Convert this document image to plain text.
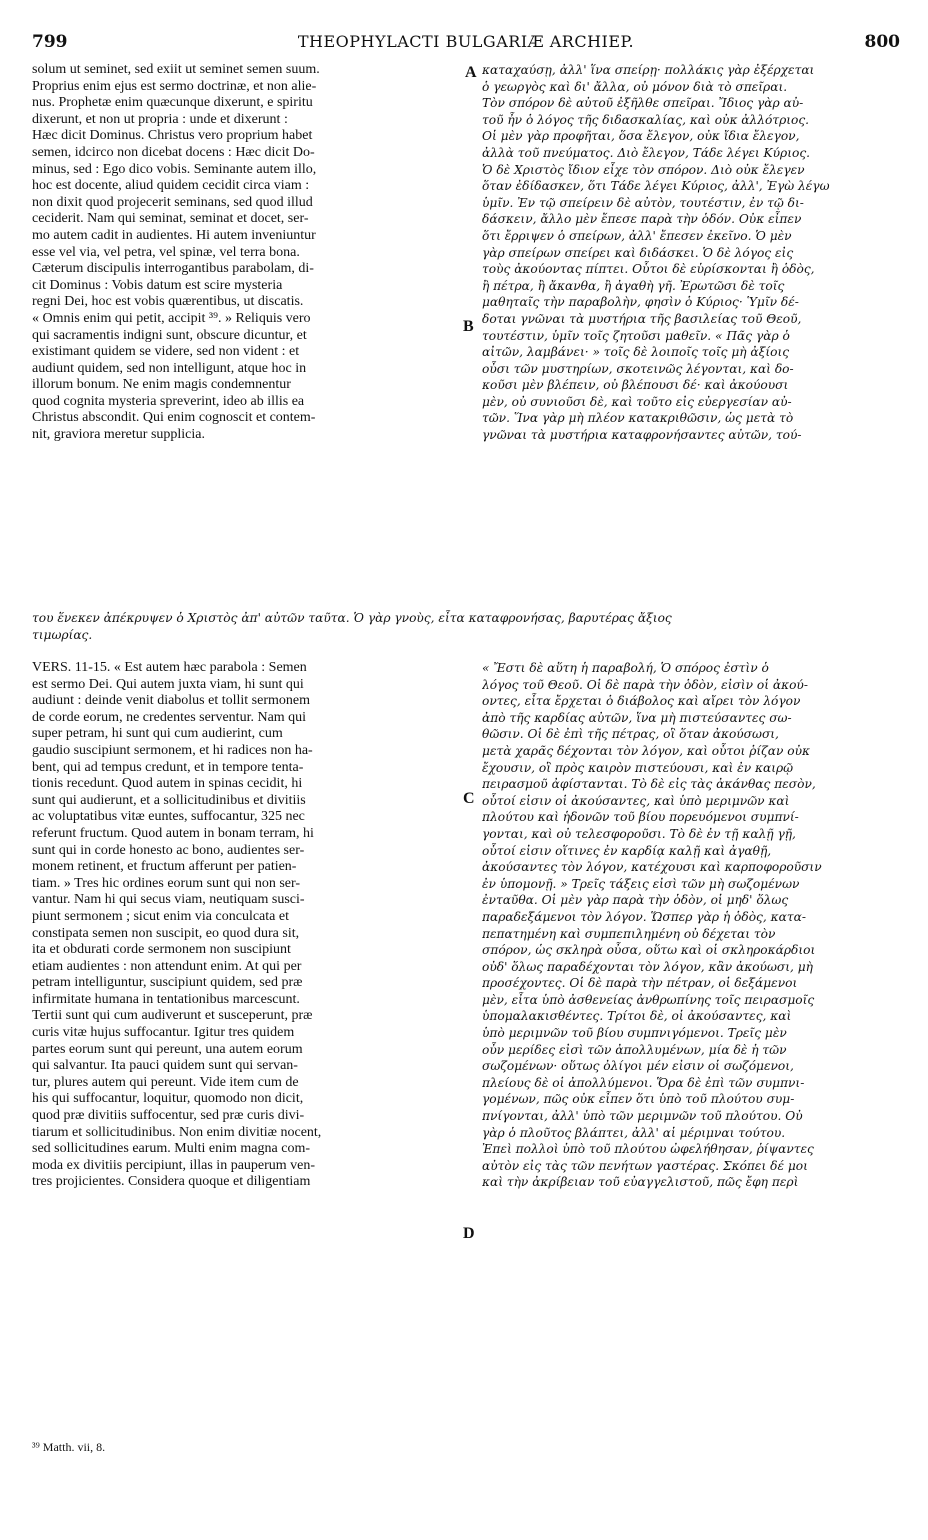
799	THEOPHYLACTI BULGARIÆ ARCHIEP.	800
solum ut seminet, sed exiit ut seminet semen suum.
Proprius enim ejus est sermo doctrinæ, et non alie-
nus. Prophetæ enim quæcunque dixerunt, e spiritu
dixerunt, et non ut propria : unde et dixerunt :
Hæc dicit Dominus. Christus vero proprium habet
semen, idcirco non dicebat docens : Hæc dicit Do-
minus, sed : Ego dico vobis. Seminante autem illo,
hoc est docente, aliud quidem cecidit circa viam :
non dixit quod projecerit seminans, sed quod illud
ceciderit. Nam qui seminat, seminat et docet, ser-
mo autem cadit in audientes. Hi autem inveniuntur
esse vel via, vel petra, vel spinæ, vel terra bona.
Cæterum discipulis interrogantibus parabolam, di-
cit Dominus : Vobis datum est scire mysteria
regni Dei, hoc est vobis quærentibus, ut discatis.
« Omnis enim qui petit, accipit ³⁹. » Reliquis vero
qui sacramentis indigni sunt, obscure dicuntur, et
existimant quidem se videre, sed non vident : et
audiunt quidem, sed non intelligunt, atque hoc in
illorum bonum. Ne enim magis condemnentur
quod cognita mysteria spreverint, ideo ab illis ea
Christus abscondit. Qui enim cognoscit et contem-
nit, graviora meretur supplicia.
καταχαύσῃ, ἀλλ' ἵνα σπείρῃ· πολλάκις γὰρ ἐξέρχεται
ὁ γεωργὸς καὶ δι' ἄλλα, οὐ μόνον διὰ τὸ σπεῖραι.
Τὸν σπόρον δὲ αὐτοῦ ἐξῆλθε σπεῖραι. Ἴδιος γὰρ αὐ-
τοῦ ἦν ὁ λόγος τῆς διδασκαλίας, καὶ οὐκ ἀλλότριος.
Οἱ μὲν γὰρ προφῆται, ὅσα ἔλεγον, οὐκ ἴδια ἔλεγον,
ἀλλὰ τοῦ πνεύματος. Διὸ ἔλεγον, Τάδε λέγει Κύριος.
Ὁ δὲ Χριστὸς ἴδιον εἶχε τὸν σπόρον. Διὸ οὐκ ἔλεγεν
ὅταν ἐδίδασκεν, ὅτι Τάδε λέγει Κύριος, ἀλλ', Ἐγὼ λέγω
ὑμῖν. Ἐν τῷ σπείρειν δὲ αὐτὸν, τουτέστιν, ἐν τῷ δι-
δάσκειν, ἄλλο μὲν ἔπεσε παρὰ τὴν ὁδόν. Οὐκ εἶπεν
ὅτι ἔρριψεν ὁ σπείρων, ἀλλ' ἔπεσεν ἐκεῖνο. Ὁ μὲν
γὰρ σπείρων σπείρει καὶ διδάσκει. Ὁ δὲ λόγος εἰς
τοὺς ἀκούοντας πίπτει. Οὗτοι δὲ εὑρίσκονται ἢ ὁδὸς,
ἢ πέτρα, ἢ ἄκανθα, ἢ ἀγαθὴ γῆ. Ἐρωτῶσι δὲ τοῖς
μαθηταῖς τὴν παραβολὴν, φησὶν ὁ Κύριος· Ὑμῖν δέ-
δοται γνῶναι τὰ μυστήρια τῆς βασιλείας τοῦ Θεοῦ,
τουτέστιν, ὑμῖν τοῖς ζητοῦσι μαθεῖν. « Πᾶς γὰρ ὁ
αἰτῶν, λαμβάνει· » τοῖς δὲ λοιποῖς τοῖς μὴ ἀξίοις
οὖσι τῶν μυστηρίων, σκοτεινῶς λέγονται, καὶ δο-
κοῦσι μὲν βλέπειν, οὐ βλέπουσι δέ· καὶ ἀκούουσι
μὲν, οὐ συνιοῦσι δὲ, καὶ τοῦτο εἰς εὐεργεσίαν αὐ-
τῶν. Ἵνα γὰρ μὴ πλέον κατακριθῶσιν, ὡς μετὰ τὸ
γνῶναι τὰ μυστήρια καταφρονήσαντες αὐτῶν, τού-
του ἕνεκεν ἀπέκρυψεν ὁ Χριστὸς ἀπ' αὐτῶν ταῦτα. Ὁ γὰρ γνοὺς, εἶτα καταφρονήσας, βαρυτέρας ἄξιος
τιμωρίας.
VERS. 11-15. « Est autem hæc parabola : Semen
est sermo Dei. Qui autem juxta viam, hi sunt qui
audiunt : deinde venit diabolus et tollit sermonem
de corde eorum, ne credentes serventur. Nam qui
super petram, hi sunt qui cum audierint, cum
gaudio suscipiunt sermonem, et hi radices non ha-
bent, qui ad tempus credunt, et in tempore tenta-
tionis recedunt. Quod autem in spinas cecidit, hi
sunt qui audierunt, et a sollicitudinibus et divitiis
ac voluptatibus vitæ euntes, suffocantur, 325 nec
referunt fructum. Quod autem in bonam terram, hi
sunt qui in corde honesto ac bono, audientes ser-
monem retinent, et fructum afferunt per patien-
tiam. » Tres hic ordines eorum sunt qui non ser-
vantur. Nam hi qui secus viam, neutiquam susci-
piunt sermonem ; sicut enim via conculcata et
constipata semen non suscipit, eo quod dura sit,
ita et obdurati corde sermonem non suscipiunt
etiam audientes : non attendunt enim. At qui per
petram intelliguntur, suscipiunt quidem, sed præ
infirmitate humana in tentationibus marcescunt.
Tertii sunt qui cum audiverunt et susceperunt, præ
curis vitæ hujus suffocantur. Igitur tres quidem
partes eorum sunt qui pereunt, una autem eorum
qui salvantur. Ita pauci quidem sunt qui servan-
tur, plures autem qui pereunt. Vide item cum de
his qui suffocantur, loquitur, quomodo non dicit,
quod præ divitiis suffocentur, sed præ curis divi-
tiarum et sollicitudinibus. Non enim divitiæ nocent,
sed sollicitudines earum. Multi enim magna com-
moda ex divitiis percipiunt, illas in pauperum ven-
tres projicientes. Considera quoque et diligentiam
« Ἔστι δὲ αὕτη ἡ παραβολή, Ὁ σπόρος ἐστὶν ὁ
λόγος τοῦ Θεοῦ. Οἱ δὲ παρὰ τὴν ὁδὸν, εἰσὶν οἱ ἀκού-
οντες, εἶτα ἔρχεται ὁ διάβολος καὶ αἴρει τὸν λόγον
ἀπὸ τῆς καρδίας αὐτῶν, ἵνα μὴ πιστεύσαντες σω-
θῶσιν. Οἱ δὲ ἐπὶ τῆς πέτρας, οἳ ὅταν ἀκούσωσι,
μετὰ χαρᾶς δέχονται τὸν λόγον, καὶ οὗτοι ῥίζαν οὐκ
ἔχουσιν, οἳ πρὸς καιρὸν πιστεύουσι, καὶ ἐν καιρῷ
πειρασμοῦ ἀφίστανται. Τὸ δὲ εἰς τὰς ἀκάνθας πεσὸν,
οὗτοί εἰσιν οἱ ἀκούσαντες, καὶ ὑπὸ μεριμνῶν καὶ
πλούτου καὶ ἡδονῶν τοῦ βίου πορευόμενοι συμπνί-
γονται, καὶ οὐ τελεσφοροῦσι. Τὸ δὲ ἐν τῇ καλῇ γῇ,
οὗτοί εἰσιν οἵτινες ἐν καρδίᾳ καλῇ καὶ ἀγαθῇ,
ἀκούσαντες τὸν λόγον, κατέχουσι καὶ καρποφοροῦσιν
ἐν ὑπομονῇ. » Τρεῖς τάξεις εἰσὶ τῶν μὴ σωζομένων
ἐνταῦθα. Οἱ μὲν γὰρ παρὰ τὴν ὁδὸν, οἱ μηδ' ὅλως
παραδεξάμενοι τὸν λόγον. Ὥσπερ γὰρ ἡ ὁδὸς, κατα-
πεπατημένη καὶ συμπεπιλημένη οὐ δέχεται τὸν
σπόρον, ὡς σκληρὰ οὖσα, οὕτω καὶ οἱ σκληροκάρδιοι
οὐδ' ὅλως παραδέχονται τὸν λόγον, κἂν ἀκούωσι, μὴ
προσέχοντες. Οἱ δὲ παρὰ τὴν πέτραν, οἱ δεξάμενοι
μὲν, εἶτα ὑπὸ ἀσθενείας ἀνθρωπίνης τοῖς πειρασμοῖς
ὑπομαλακισθέντες. Τρίτοι δὲ, οἱ ἀκούσαντες, καὶ
ὑπὸ μεριμνῶν τοῦ βίου συμπνιγόμενοι. Τρεῖς μὲν
οὖν μερίδες εἰσὶ τῶν ἀπολλυμένων, μία δὲ ἡ τῶν
σωζομένων· οὕτως ὀλίγοι μέν εἰσιν οἱ σωζόμενοι,
πλείους δὲ οἱ ἀπολλύμενοι. Ὅρα δὲ ἐπὶ τῶν συμπνι-
γομένων, πῶς οὐκ εἶπεν ὅτι ὑπὸ τοῦ πλούτου συμ-
πνίγονται, ἀλλ' ὑπὸ τῶν μεριμνῶν τοῦ πλούτου. Οὐ
γὰρ ὁ πλοῦτος βλάπτει, ἀλλ' αἱ μέριμναι τούτου.
Ἐπεὶ πολλοὶ ὑπὸ τοῦ πλούτου ὠφελήθησαν, ῥίψαντες
αὐτὸν εἰς τὰς τῶν πενήτων γαστέρας. Σκόπει δέ μοι
καὶ τὴν ἀκρίβειαν τοῦ εὐαγγελιστοῦ, πῶς ἔφη περὶ
A
B
C
D
³⁹ Matth. vii, 8.
